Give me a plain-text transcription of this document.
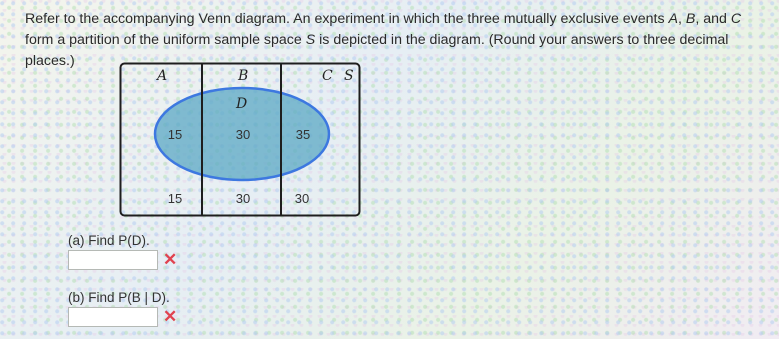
Refer to the accompanying Venn diagram. An experiment in which the three mutually exclusive events A, B, and C form a partition of the uniform sample space S is depicted in the diagram. (Round your answers to three decimal places.)
A	B	C S
D
15	30	35
15	30	30
(a) Find P(D).
✕
(b) Find P(B | D).
✕
